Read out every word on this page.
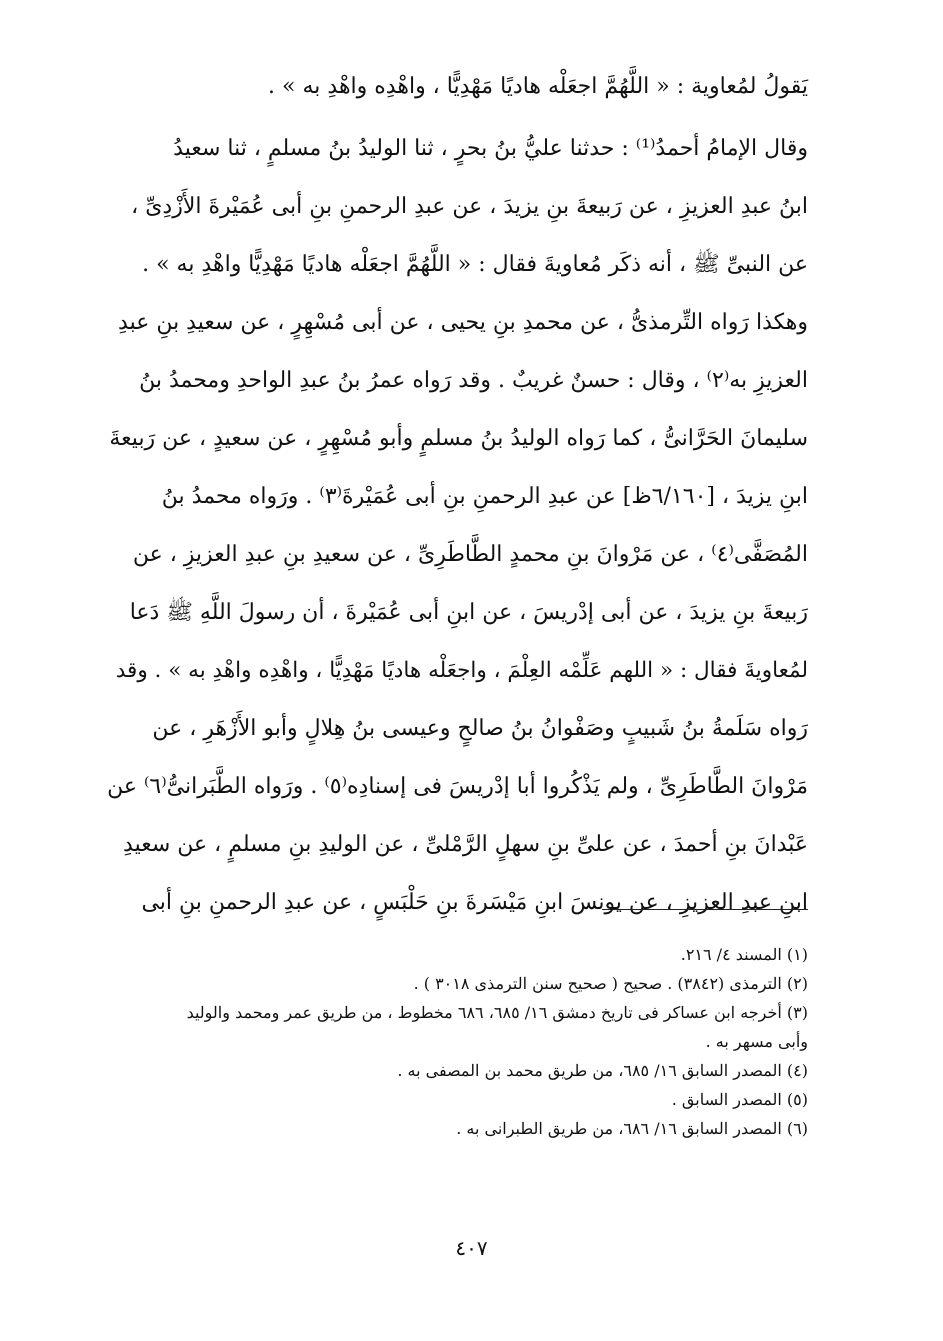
يَقولُ لمُعاوية : « اللَّهُمَّ اجعَلْه هاديًا مَهْدِيًّا ، واهْدِه واهْدِ به » .
وقال الإمامُ أحمدُ⁽¹⁾ : حدثنا عليُّ بنُ بحرٍ ، ثنا الوليدُ بنُ مسلمٍ ، ثنا سعيدُ
ابنُ عبدِ العزيزِ ، عن رَبيعةَ بنِ يزيدَ ، عن عبدِ الرحمنِ بنِ أبى عُمَيْرةَ الأَزْدِىِّ ،
عن النبىِّ ﷺ ، أنه ذكَر مُعاويةَ فقال : « اللَّهُمَّ اجعَلْه هاديًا مَهْدِيًّا واهْدِ به » .
وهكذا رَواه التِّرمذىُّ ، عن محمدِ بنِ يحيى ، عن أبى مُسْهِرٍ ، عن سعيدِ بنِ عبدِ
العزيزِ به⁽٢⁾ ، وقال : حسنٌ غريبٌ . وقد رَواه عمرُ بنُ عبدِ الواحدِ ومحمدُ بنُ
سليمانَ الحَرَّانىُّ ، كما رَواه الوليدُ بنُ مسلمٍ وأبو مُسْهِرٍ ، عن سعيدٍ ، عن رَبيعةَ
ابنِ يزيدَ ، [٦/١٦٠ظ] عن عبدِ الرحمنِ بنِ أبى عُمَيْرةَ⁽٣⁾ . ورَواه محمدُ بنُ
المُصَفَّى⁽٤⁾ ، عن مَرْوانَ بنِ محمدٍ الطَّاطَرِىِّ ، عن سعيدِ بنِ عبدِ العزيزِ ، عن
رَبيعةَ بنِ يزيدَ ، عن أبى إدْريسَ ، عن ابنِ أبى عُمَيْرةَ ، أن رسولَ اللَّهِ ﷺ دَعا
لمُعاويةَ فقال : « اللهم عَلِّمْه العِلْمَ ، واجعَلْه هاديًا مَهْدِيًّا ، واهْدِه واهْدِ به » . وقد
رَواه سَلَمةُ بنُ شَبيبٍ وصَفْوانُ بنُ صالحٍ وعيسى بنُ هِلالٍ وأبو الأَزْهَرِ ، عن
مَرْوانَ الطَّاطَرِىِّ ، ولم يَذْكُروا أبا إدْريسَ فى إسنادِه⁽٥⁾ . ورَواه الطَّبَرانىُّ⁽٦⁾ عن
عَبْدانَ بنِ أحمدَ ، عن علىِّ بنِ سهلٍ الرَّمْلىِّ ، عن الوليدِ بنِ مسلمٍ ، عن سعيدِ
ابنِ عبدِ العزيزِ ، عن يونسَ ابنِ مَيْسَرةَ بنِ حَلْبَسٍ ، عن عبدِ الرحمنِ بنِ أبى
(١) المسند ٤/ ٢١٦.
(٢) الترمذى (٣٨٤٢) . صحيح ( صحيح سنن الترمذى ٣٠١٨ ) .
(٣) أخرجه ابن عساكر فى تاريخ دمشق ١٦/ ٦٨٥، ٦٨٦ مخطوط ، من طريق عمر ومحمد والوليد
وأبى مسهر به .
(٤) المصدر السابق ١٦/ ٦٨٥، من طريق محمد بن المصفى به .
(٥) المصدر السابق .
(٦) المصدر السابق ١٦/ ٦٨٦، من طريق الطبرانى به .
٤٠٧
